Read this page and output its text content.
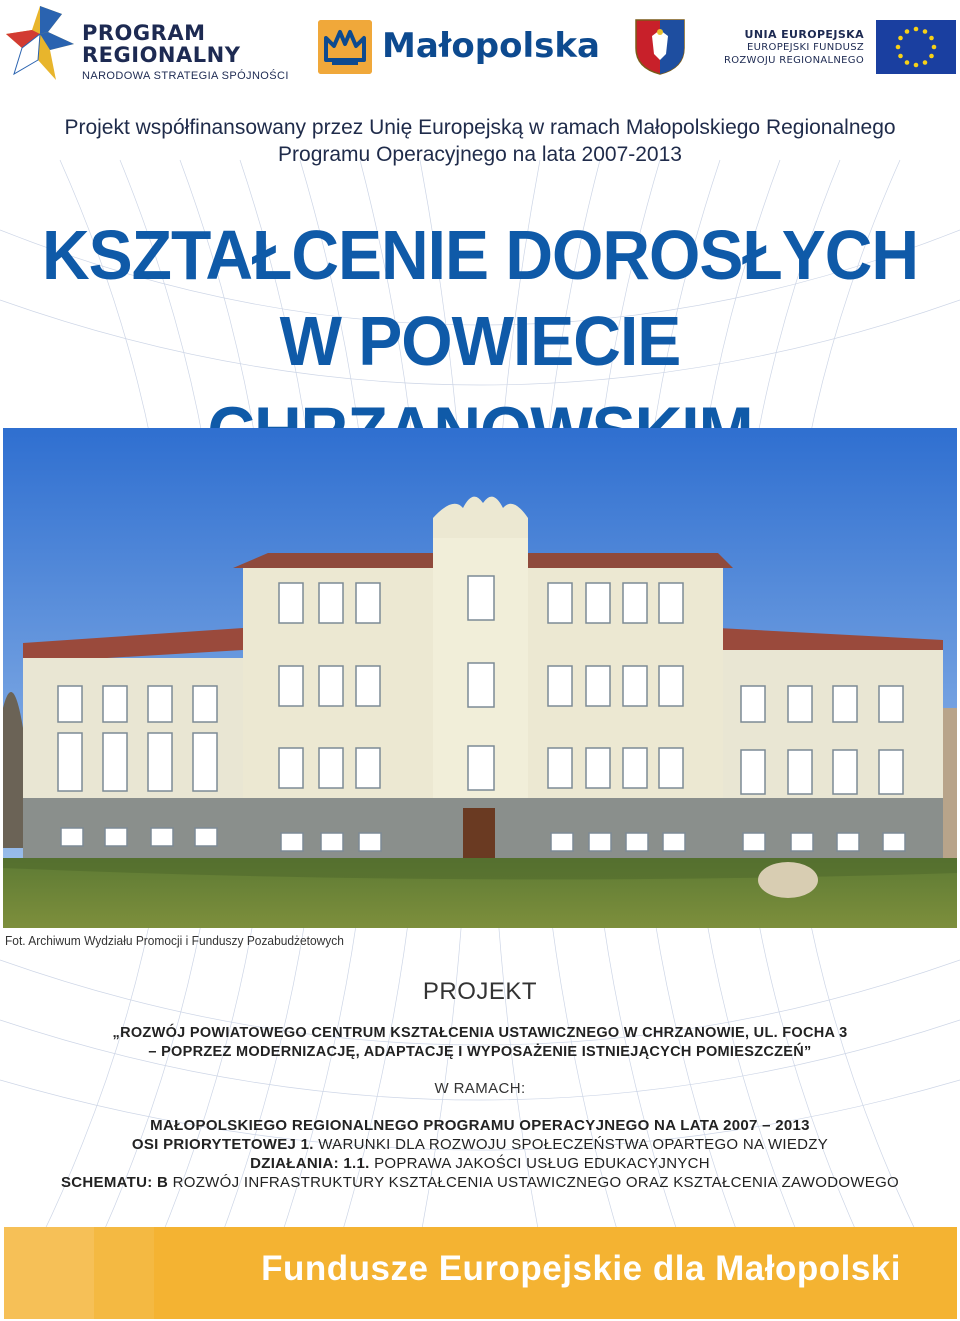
PROGRAM
REGIONALNY
NARODOWA STRATEGIA SPÓJNOŚCI
Małopolska	UNIA EUROPEJSKA
EUROPEJSKI FUNDUSZ
ROZWOJU REGIONALNEGO
Projekt współfinansowany przez Unię Europejską w ramach Małopolskiego Regionalnego
Programu Operacyjnego na lata 2007-2013
KSZTAŁCENIE DOROSŁYCH
W POWIECIE
Fot. Archiwum Wydziału Promocji i Funduszy Pozabudżetowych
PROJEKT
„ROZWÓJ POWIATOWEGO CENTRUM KSZTAŁCENIA USTAWICZNEGO W CHRZANOWIE, UL. FOCHA 3
– POPRZEZ MODERNIZACJĘ, ADAPTACJĘ I WYPOSAŻENIE ISTNIEJĄCYCH POMIESZCZEŃ”
W RAMACH:
MAŁOPOLSKIEGO REGIONALNEGO PROGRAMU OPERACYJNEGO NA LATA 2007 – 2013
OSI PRIORYTETOWEJ 1. WARUNKI DLA ROZWOJU SPOŁECZEŃSTWA OPARTEGO NA WIEDZY
DZIAŁANIA: 1.1. POPRAWA JAKOŚCI USŁUG EDUKACYJNYCH
SCHEMATU: B ROZWÓJ INFRASTRUKTURY KSZTAŁCENIA USTAWICZNEGO ORAZ KSZTAŁCENIA ZAWODOWEGO
Fundusze Europejskie dla Małopolski
